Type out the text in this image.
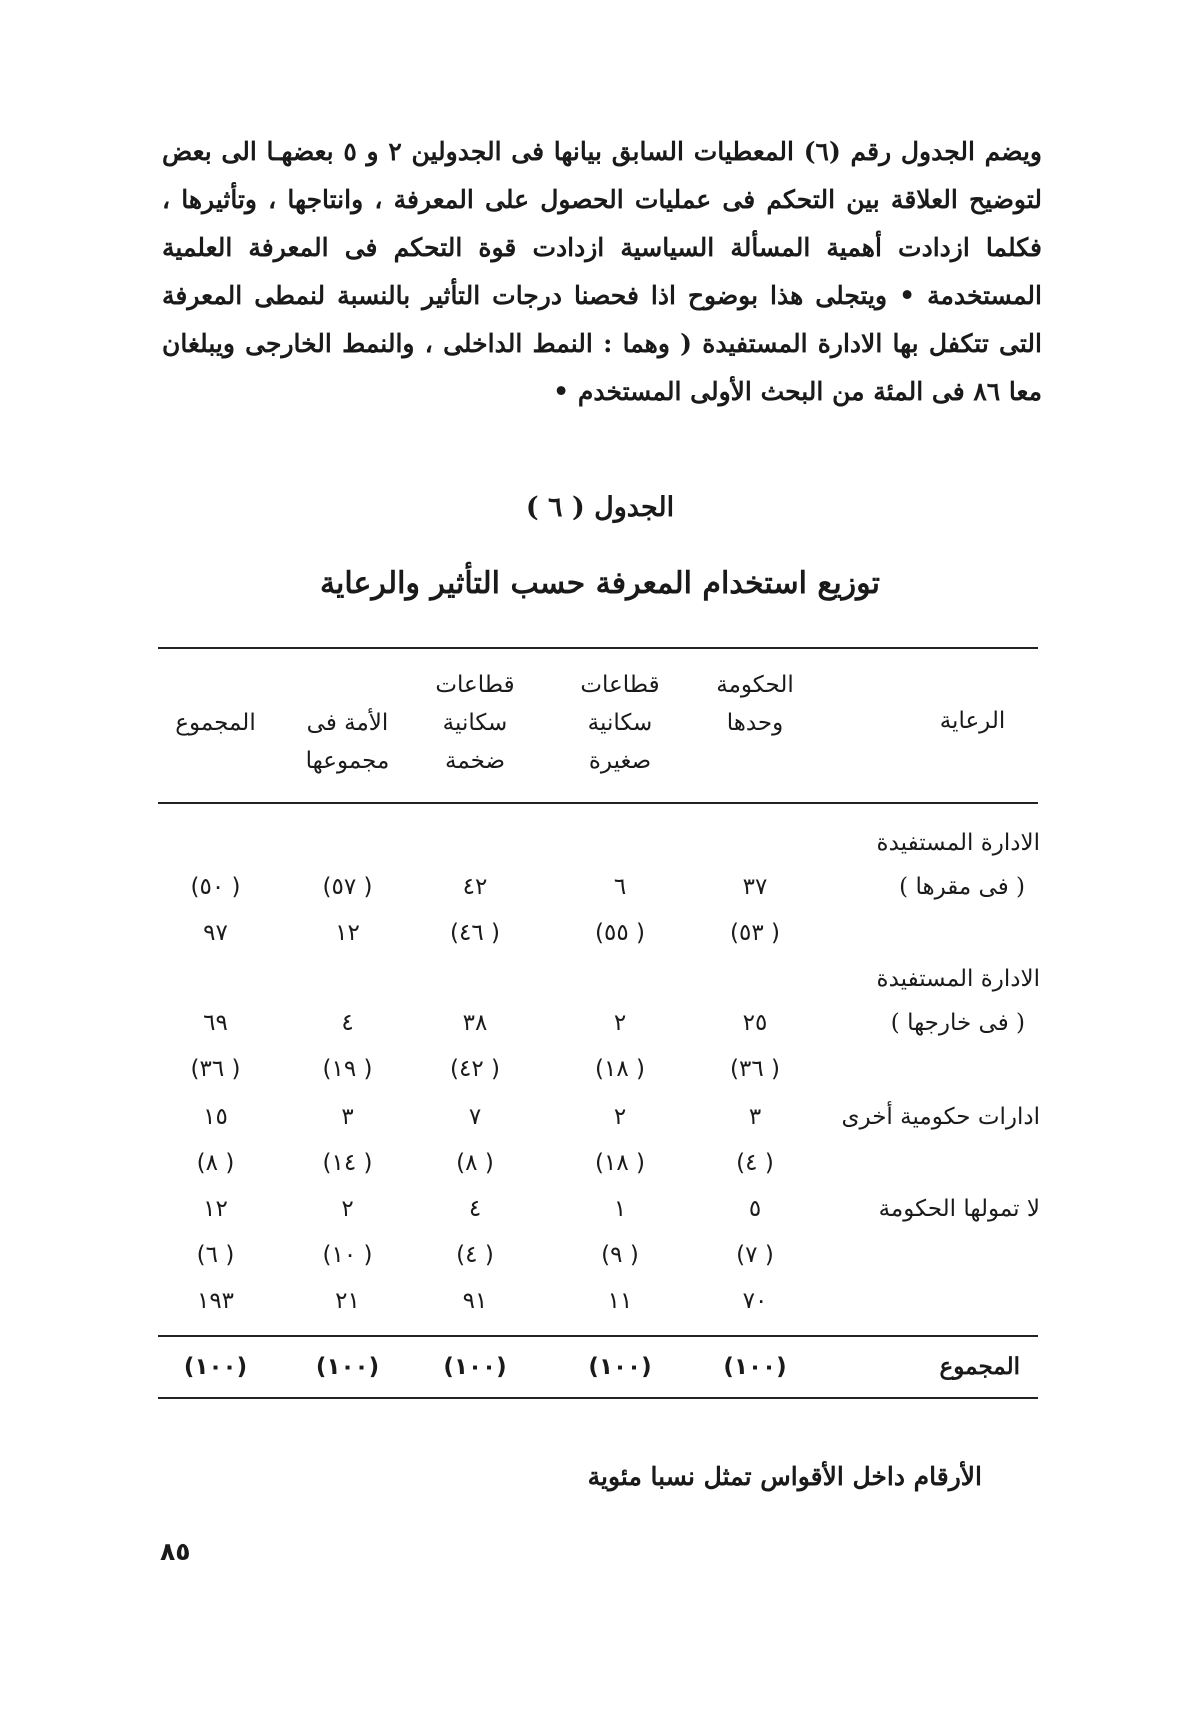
ويضم الجدول رقم (٦) المعطيات السابق بيانها فى الجدولين ٢ و ٥ بعضهـا الى بعض لتوضيح العلاقة بين التحكم فى عمليات الحصول على المعرفة ، وانتاجها ، وتأثيرها ، فكلما ازدادت أهمية المسألة السياسية ازدادت قوة التحكم فى المعرفة العلمية المستخدمة • ويتجلى هذا بوضوح اذا فحصنا درجات التأثير بالنسبة لنمطى المعرفة التى تتكفل بها الادارة المستفيدة ( وهما : النمط الداخلى ، والنمط الخارجى ويبلغان معا ٨٦ فى المئة من البحث الأولى المستخدم •
الجدول ( ٦ )
توزيع استخدام المعرفة حسب التأثير والرعاية
الرعاية
الحكومة
وحدها
قطاعات
سكانية
صغيرة
قطاعات
سكانية
ضخمة
الأمة فى
مجموعها
المجموع
الادارة المستفيدة
( فى مقرها )
الادارة المستفيدة
( فى خارجها )
ادارات حكومية أخرى
لا تمولها الحكومة
٣٧
٦
٤٢
( ٥٧)
( ٥٠)
( ٥٣)
( ٥٥)
( ٤٦)
١٢
٩٧
٢٥
٢
٣٨
٤
٦٩
( ٣٦)
( ١٨)
( ٤٢)
( ١٩)
( ٣٦)
٣
٢
٧
٣
١٥
( ٤)
( ١٨)
( ٨)
( ١٤)
( ٨)
٥
١
٤
٢
١٢
( ٧)
( ٩)
( ٤)
( ١٠)
( ٦)
٧٠
١١
٩١
٢١
١٩٣
المجموع
(١٠٠)
(١٠٠)
(١٠٠)
(١٠٠)
(١٠٠)
الأرقام داخل الأقواس تمثل نسبا مئوية
٨٥
